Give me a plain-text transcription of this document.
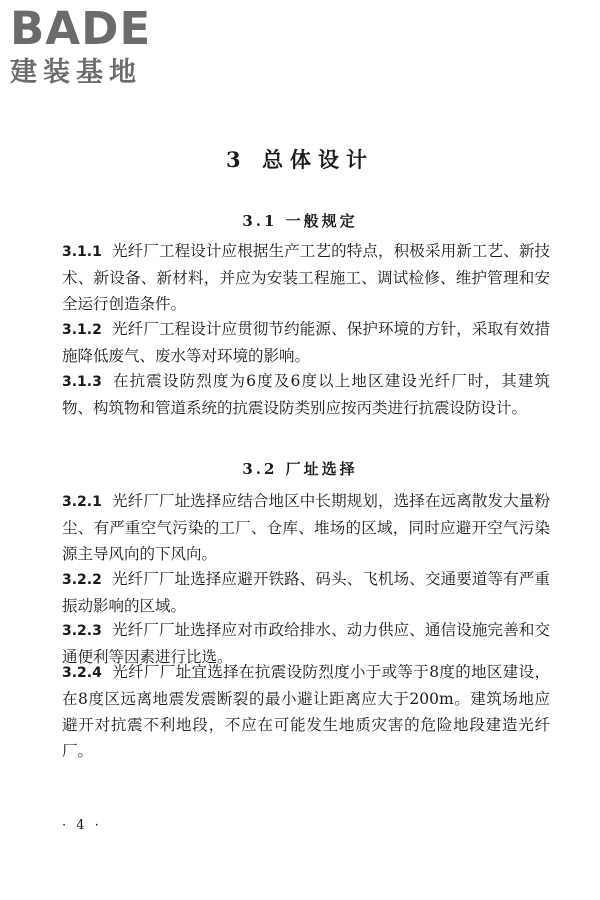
BADE
建装基地
3 总体设计
3.1 一般规定
3.1.1 光纤厂工程设计应根据生产工艺的特点，积极采用新工艺、新技术、新设备、新材料，并应为安装工程施工、调试检修、维护管理和安全运行创造条件。
3.1.2 光纤厂工程设计应贯彻节约能源、保护环境的方针，采取有效措施降低废气、废水等对环境的影响。
3.1.3 在抗震设防烈度为6度及6度以上地区建设光纤厂时，其建筑物、构筑物和管道系统的抗震设防类别应按丙类进行抗震设防设计。
3.2 厂址选择
3.2.1 光纤厂厂址选择应结合地区中长期规划，选择在远离散发大量粉尘、有严重空气污染的工厂、仓库、堆场的区域，同时应避开空气污染源主导风向的下风向。
3.2.2 光纤厂厂址选择应避开铁路、码头、飞机场、交通要道等有严重振动影响的区域。
3.2.3 光纤厂厂址选择应对市政给排水、动力供应、通信设施完善和交通便利等因素进行比选。
3.2.4 光纤厂厂址宜选择在抗震设防烈度小于或等于8度的地区建设，在8度区远离地震发震断裂的最小避让距离应大于200m。建筑场地应避开对抗震不利地段，不应在可能发生地质灾害的危险地段建造光纤厂。
· 4 ·
